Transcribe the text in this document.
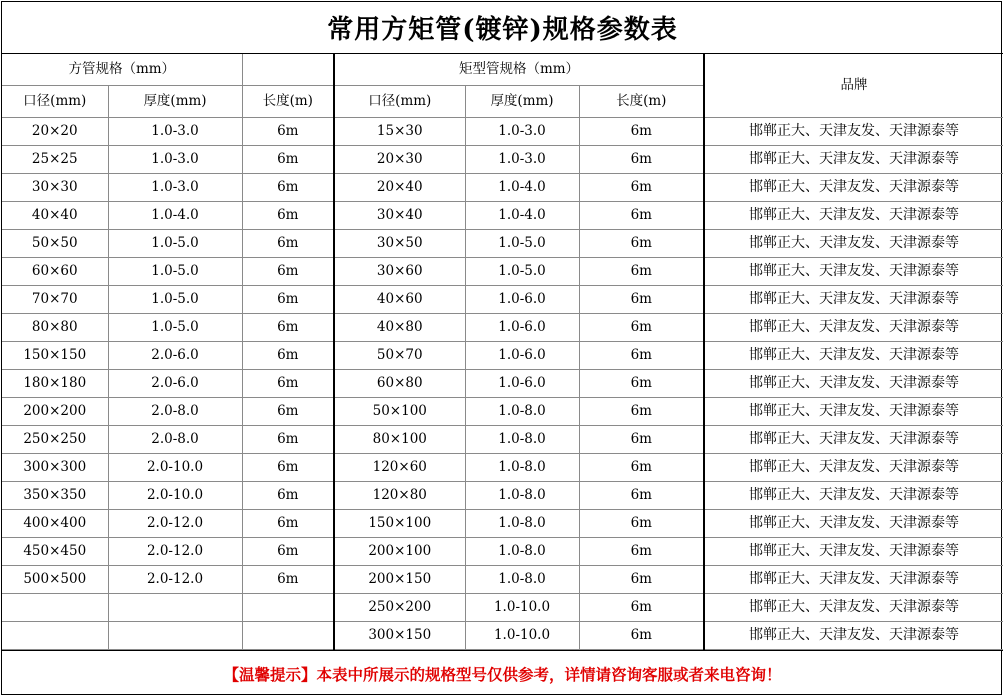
常用方矩管(镀锌)规格参数表
方管规格（mm）			矩型管规格（mm）			品牌
口径(mm)	厚度(mm)	长度(m)	口径(mm)	厚度(mm)	长度(m)	
20×20	1.0-3.0	6m	15×30	1.0-3.0	6m	邯郸正大、天津友发、天津源泰等
25×25	1.0-3.0	6m	20×30	1.0-3.0	6m	邯郸正大、天津友发、天津源泰等
30×30	1.0-3.0	6m	20×40	1.0-4.0	6m	邯郸正大、天津友发、天津源泰等
40×40	1.0-4.0	6m	30×40	1.0-4.0	6m	邯郸正大、天津友发、天津源泰等
50×50	1.0-5.0	6m	30×50	1.0-5.0	6m	邯郸正大、天津友发、天津源泰等
60×60	1.0-5.0	6m	30×60	1.0-5.0	6m	邯郸正大、天津友发、天津源泰等
70×70	1.0-5.0	6m	40×60	1.0-6.0	6m	邯郸正大、天津友发、天津源泰等
80×80	1.0-5.0	6m	40×80	1.0-6.0	6m	邯郸正大、天津友发、天津源泰等
150×150	2.0-6.0	6m	50×70	1.0-6.0	6m	邯郸正大、天津友发、天津源泰等
180×180	2.0-6.0	6m	60×80	1.0-6.0	6m	邯郸正大、天津友发、天津源泰等
200×200	2.0-8.0	6m	50×100	1.0-8.0	6m	邯郸正大、天津友发、天津源泰等
250×250	2.0-8.0	6m	80×100	1.0-8.0	6m	邯郸正大、天津友发、天津源泰等
300×300	2.0-10.0	6m	120×60	1.0-8.0	6m	邯郸正大、天津友发、天津源泰等
350×350	2.0-10.0	6m	120×80	1.0-8.0	6m	邯郸正大、天津友发、天津源泰等
400×400	2.0-12.0	6m	150×100	1.0-8.0	6m	邯郸正大、天津友发、天津源泰等
450×450	2.0-12.0	6m	200×100	1.0-8.0	6m	邯郸正大、天津友发、天津源泰等
500×500	2.0-12.0	6m	200×150	1.0-8.0	6m	邯郸正大、天津友发、天津源泰等
			250×200	1.0-10.0	6m	邯郸正大、天津友发、天津源泰等
			300×150	1.0-10.0	6m	邯郸正大、天津友发、天津源泰等
【温馨提示】本表中所展示的规格型号仅供参考，详情请咨询客服或者来电咨询！
